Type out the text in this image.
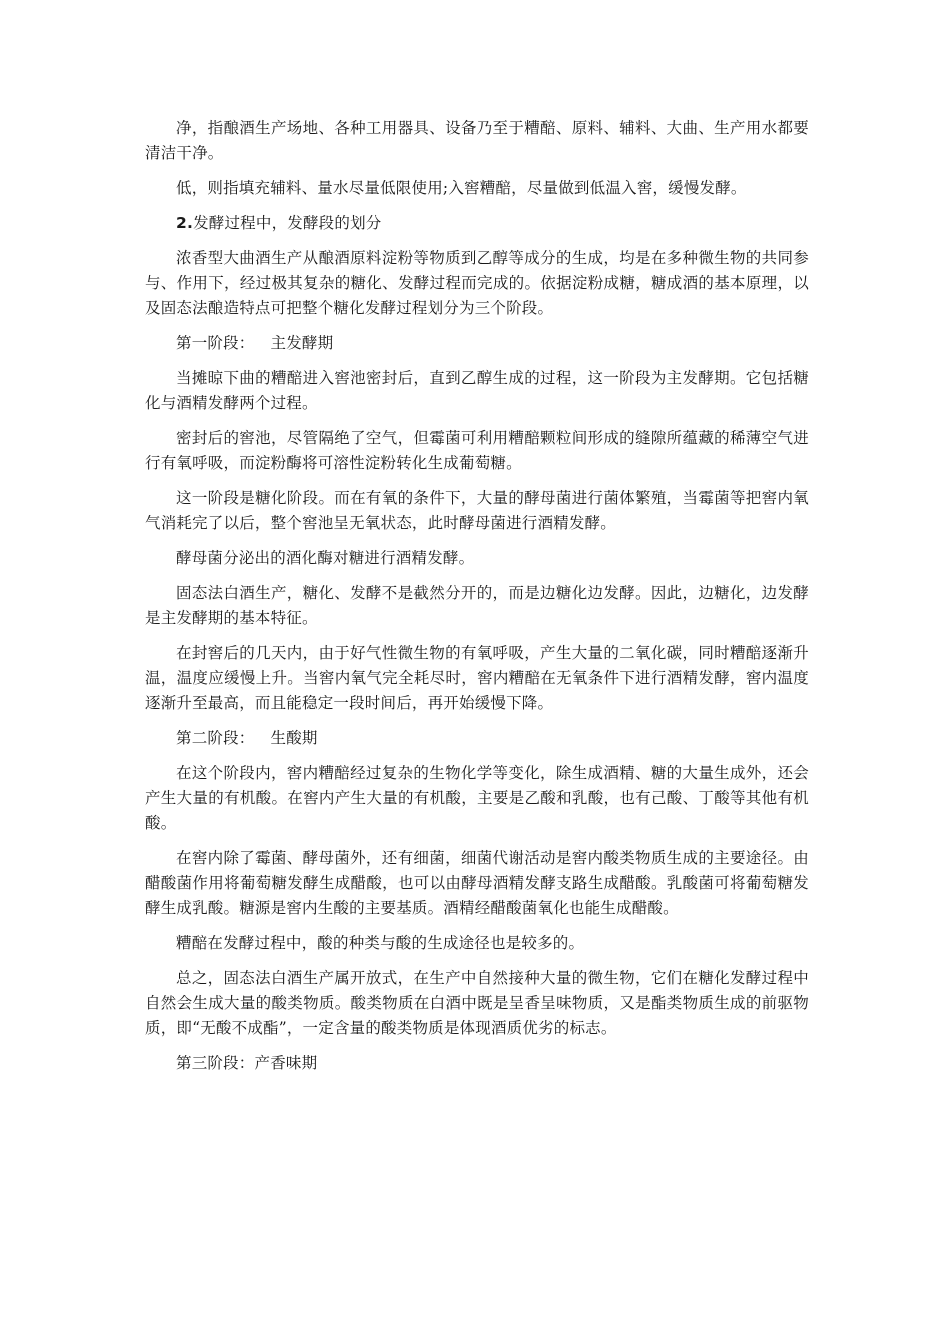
净，指酿酒生产场地、各种工用器具、设备乃至于糟醅、原料、辅料、大曲、生产用水都要清洁干净。

低，则指填充辅料、量水尽量低限使用;入窖糟醅，尽量做到低温入窖，缓慢发酵。

2.发酵过程中，发酵段的划分

浓香型大曲酒生产从酿酒原料淀粉等物质到乙醇等成分的生成，均是在多种微生物的共同参与、作用下，经过极其复杂的糖化、发酵过程而完成的。依据淀粉成糖，糖成酒的基本原理，以及固态法酿造特点可把整个糖化发酵过程划分为三个阶段。

第一阶段： 主发酵期

当摊晾下曲的糟醅进入窖池密封后，直到乙醇生成的过程，这一阶段为主发酵期。它包括糖化与酒精发酵两个过程。

密封后的窖池，尽管隔绝了空气，但霉菌可利用糟醅颗粒间形成的缝隙所蕴藏的稀薄空气进行有氧呼吸，而淀粉酶将可溶性淀粉转化生成葡萄糖。

这一阶段是糖化阶段。而在有氧的条件下，大量的酵母菌进行菌体繁殖，当霉菌等把窖内氧气消耗完了以后，整个窖池呈无氧状态，此时酵母菌进行酒精发酵。

酵母菌分泌出的酒化酶对糖进行酒精发酵。

固态法白酒生产，糖化、发酵不是截然分开的，而是边糖化边发酵。因此，边糖化，边发酵是主发酵期的基本特征。

在封窖后的几天内，由于好气性微生物的有氧呼吸，产生大量的二氧化碳，同时糟醅逐渐升温，温度应缓慢上升。当窖内氧气完全耗尽时，窖内糟醅在无氧条件下进行酒精发酵，窖内温度逐渐升至最高，而且能稳定一段时间后，再开始缓慢下降。

第二阶段： 生酸期

在这个阶段内，窖内糟醅经过复杂的生物化学等变化，除生成酒精、糖的大量生成外，还会产生大量的有机酸。在窖内产生大量的有机酸，主要是乙酸和乳酸，也有己酸、丁酸等其他有机酸。

在窖内除了霉菌、酵母菌外，还有细菌，细菌代谢活动是窖内酸类物质生成的主要途径。由醋酸菌作用将葡萄糖发酵生成醋酸，也可以由酵母酒精发酵支路生成醋酸。乳酸菌可将葡萄糖发酵生成乳酸。糖源是窖内生酸的主要基质。酒精经醋酸菌氧化也能生成醋酸。

糟醅在发酵过程中，酸的种类与酸的生成途径也是较多的。

总之，固态法白酒生产属开放式，在生产中自然接种大量的微生物，它们在糖化发酵过程中自然会生成大量的酸类物质。酸类物质在白酒中既是呈香呈味物质，又是酯类物质生成的前驱物质，即“无酸不成酯”，一定含量的酸类物质是体现酒质优劣的标志。

第三阶段：产香味期
